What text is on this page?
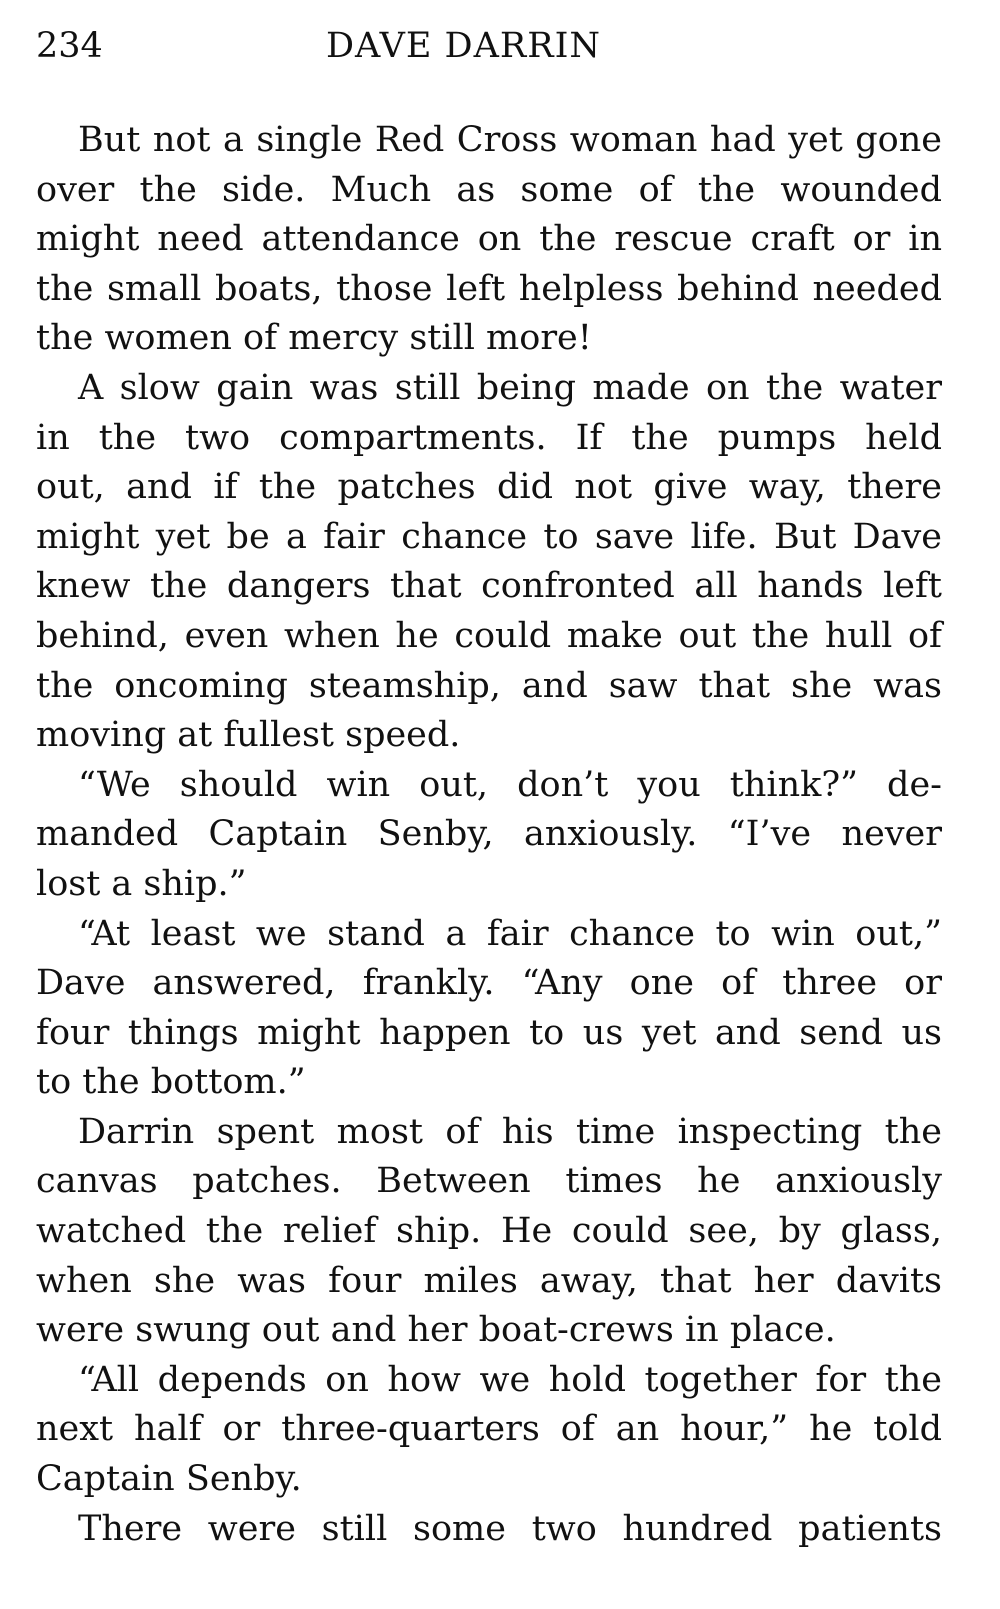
234	DAVE DARRIN
But not a single Red Cross woman had yet gone
over the side. Much as some of the wounded
might need attendance on the rescue craft or in
the small boats, those left helpless behind needed
the women of mercy still more!
A slow gain was still being made on the water
in the two compartments. If the pumps held
out, and if the patches did not give way, there
might yet be a fair chance to save life. But Dave
knew the dangers that confronted all hands left
behind, even when he could make out the hull of
the oncoming steamship, and saw that she was
moving at fullest speed.
“We should win out, don’t you think?” de-
manded Captain Senby, anxiously. “I’ve never
lost a ship.”
“At least we stand a fair chance to win out,”
Dave answered, frankly. “Any one of three or
four things might happen to us yet and send us
to the bottom.”
Darrin spent most of his time inspecting the
canvas patches. Between times he anxiously
watched the relief ship. He could see, by glass,
when she was four miles away, that her davits
were swung out and her boat-crews in place.
“All depends on how we hold together for the
next half or three-quarters of an hour,” he told
Captain Senby.
There were still some two hundred patients
